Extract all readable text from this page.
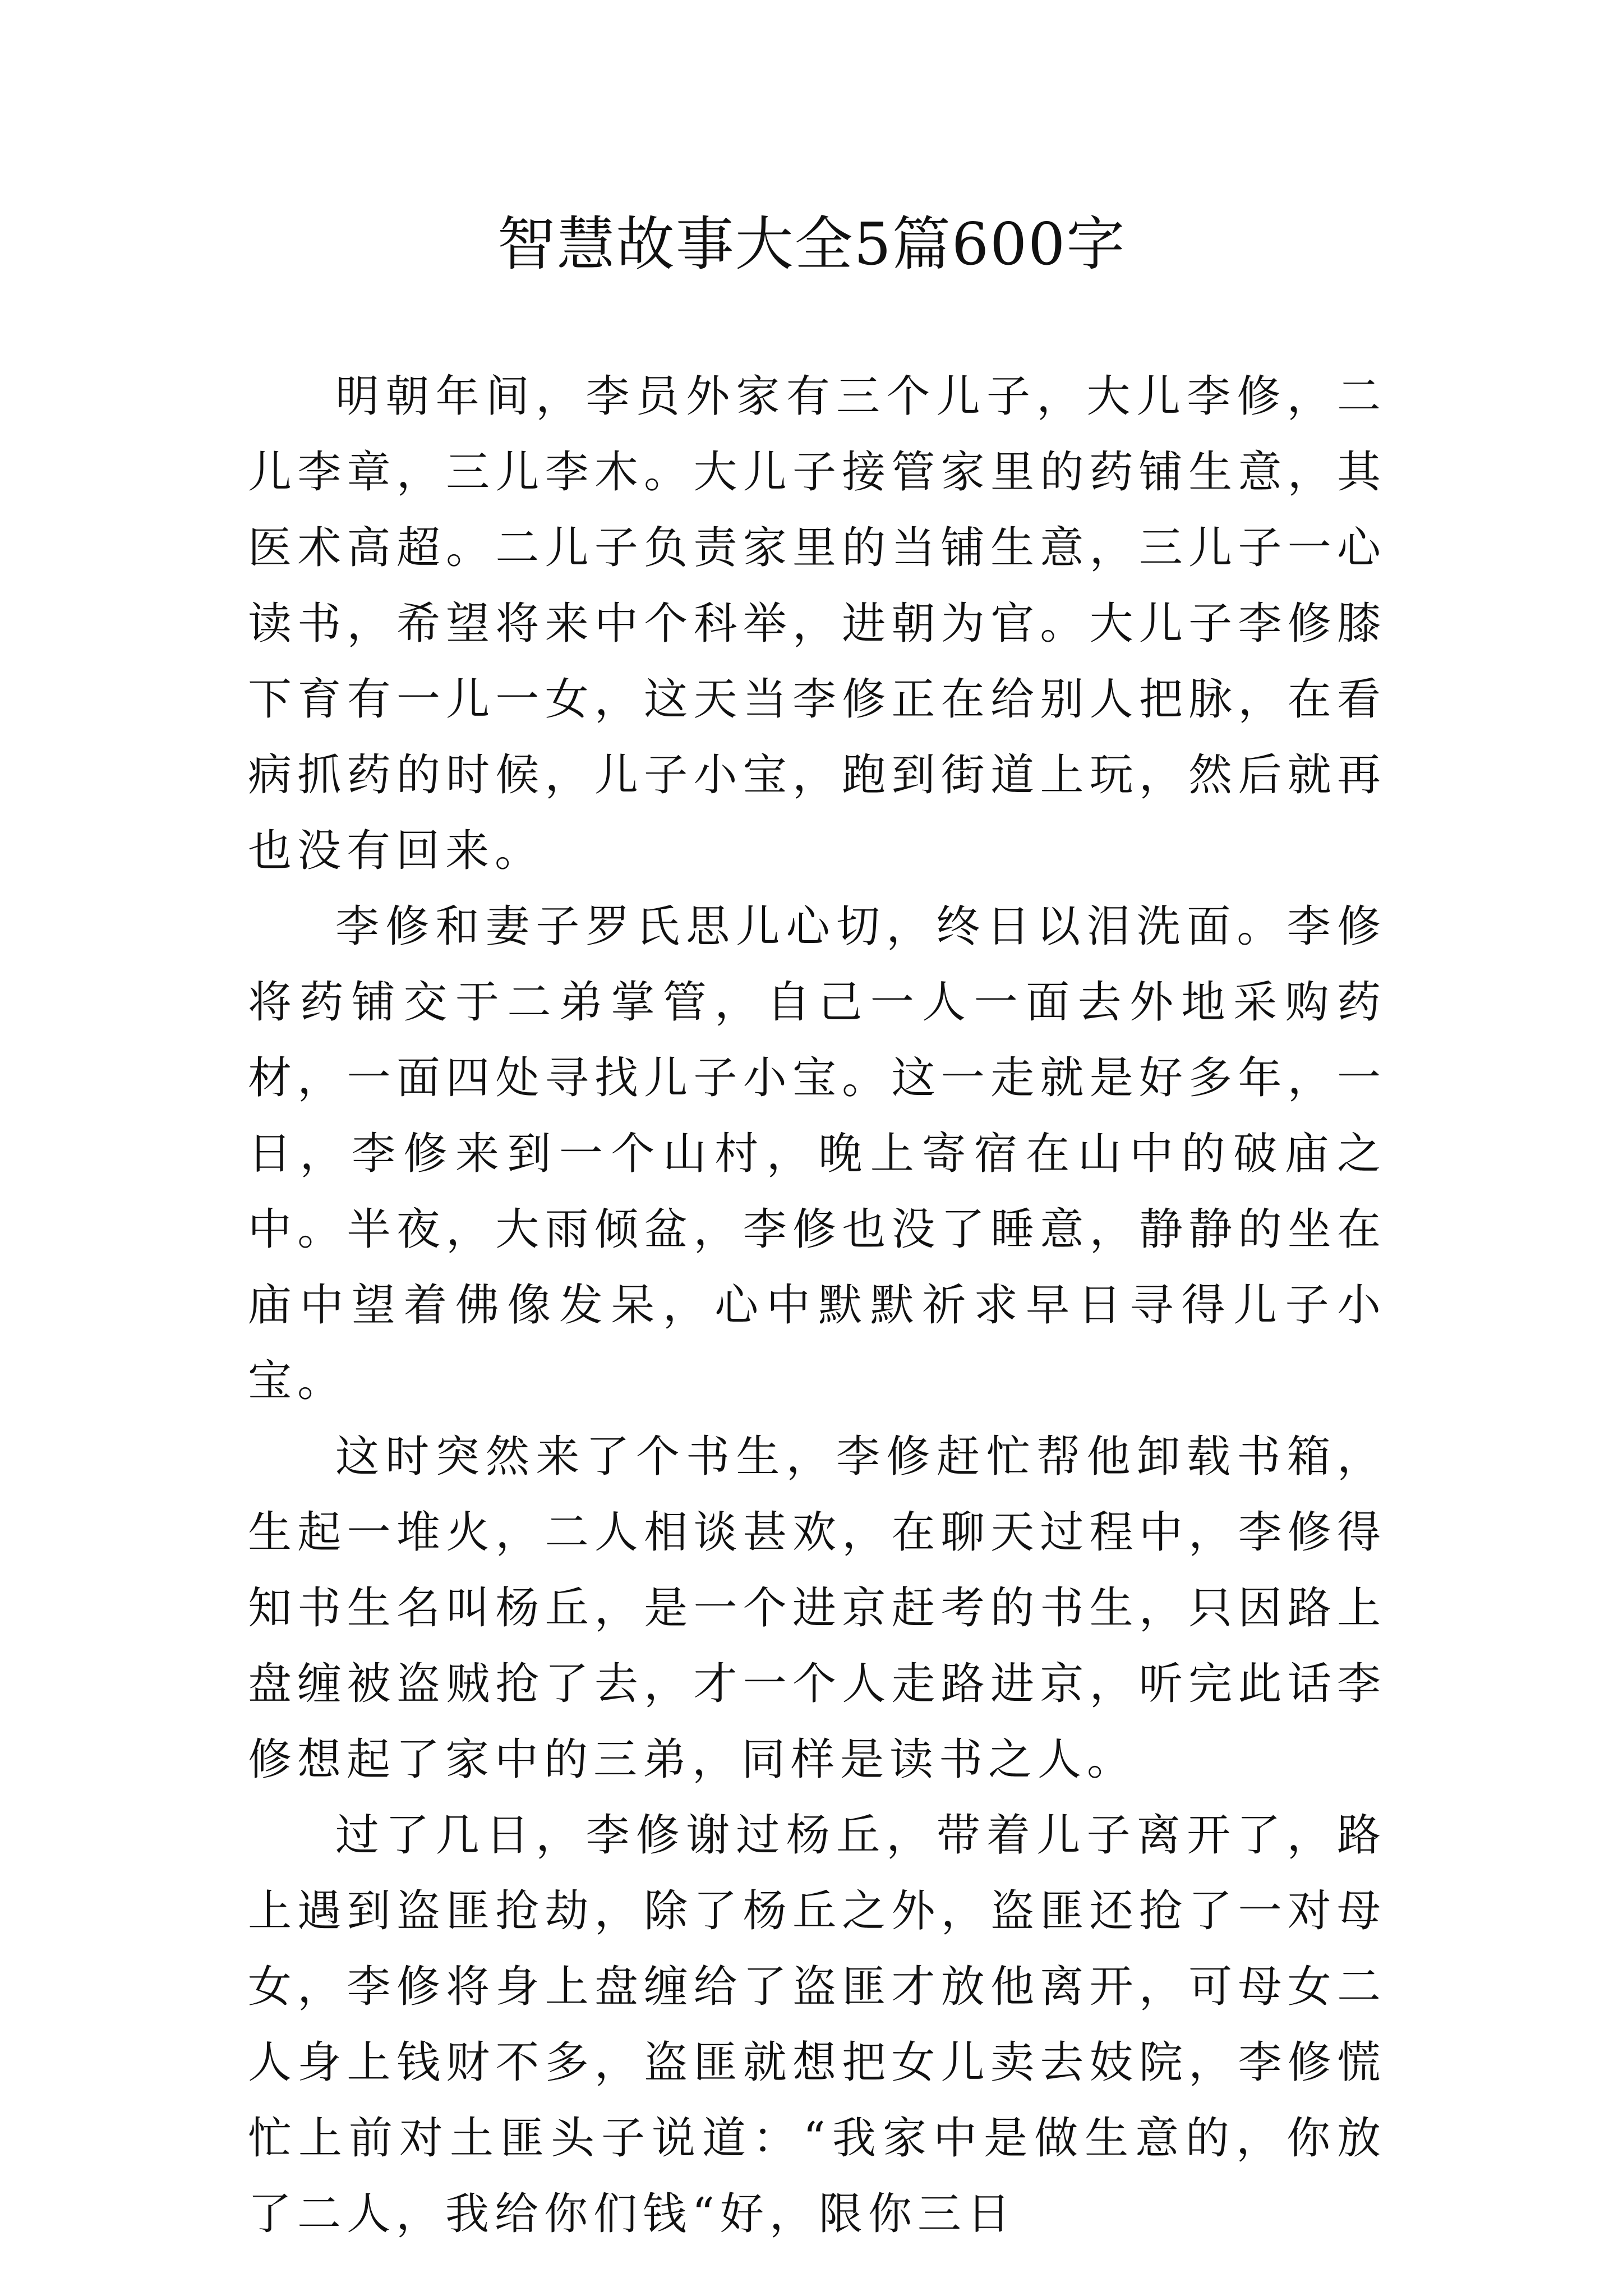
智慧故事大全5篇600字

明朝年间，李员外家有三个儿子，大儿李修，二儿李章，三儿李木。大儿子接管家里的药铺生意，其医术高超。二儿子负责家里的当铺生意，三儿子一心读书，希望将来中个科举，进朝为官。大儿子李修膝下育有一儿一女，这天当李修正在给别人把脉，在看病抓药的时候，儿子小宝，跑到街道上玩，然后就再也没有回来。

李修和妻子罗氏思儿心切，终日以泪洗面。李修将药铺交于二弟掌管，自己一人一面去外地采购药材，一面四处寻找儿子小宝。这一走就是好多年，一日，李修来到一个山村，晚上寄宿在山中的破庙之中。半夜，大雨倾盆，李修也没了睡意，静静的坐在庙中望着佛像发呆，心中默默祈求早日寻得儿子小宝。

这时突然来了个书生，李修赶忙帮他卸载书箱，生起一堆火，二人相谈甚欢，在聊天过程中，李修得知书生名叫杨丘，是一个进京赶考的书生，只因路上盘缠被盗贼抢了去，才一个人走路进京，听完此话李修想起了家中的三弟，同样是读书之人。

过了几日，李修谢过杨丘，带着儿子离开了，路上遇到盗匪抢劫，除了杨丘之外，盗匪还抢了一对母女，李修将身上盘缠给了盗匪才放他离开，可母女二人身上钱财不多，盗匪就想把女儿卖去妓院，李修慌忙上前对土匪头子说道：“我家中是做生意的，你放了二人，我给你们钱“好，限你三日
